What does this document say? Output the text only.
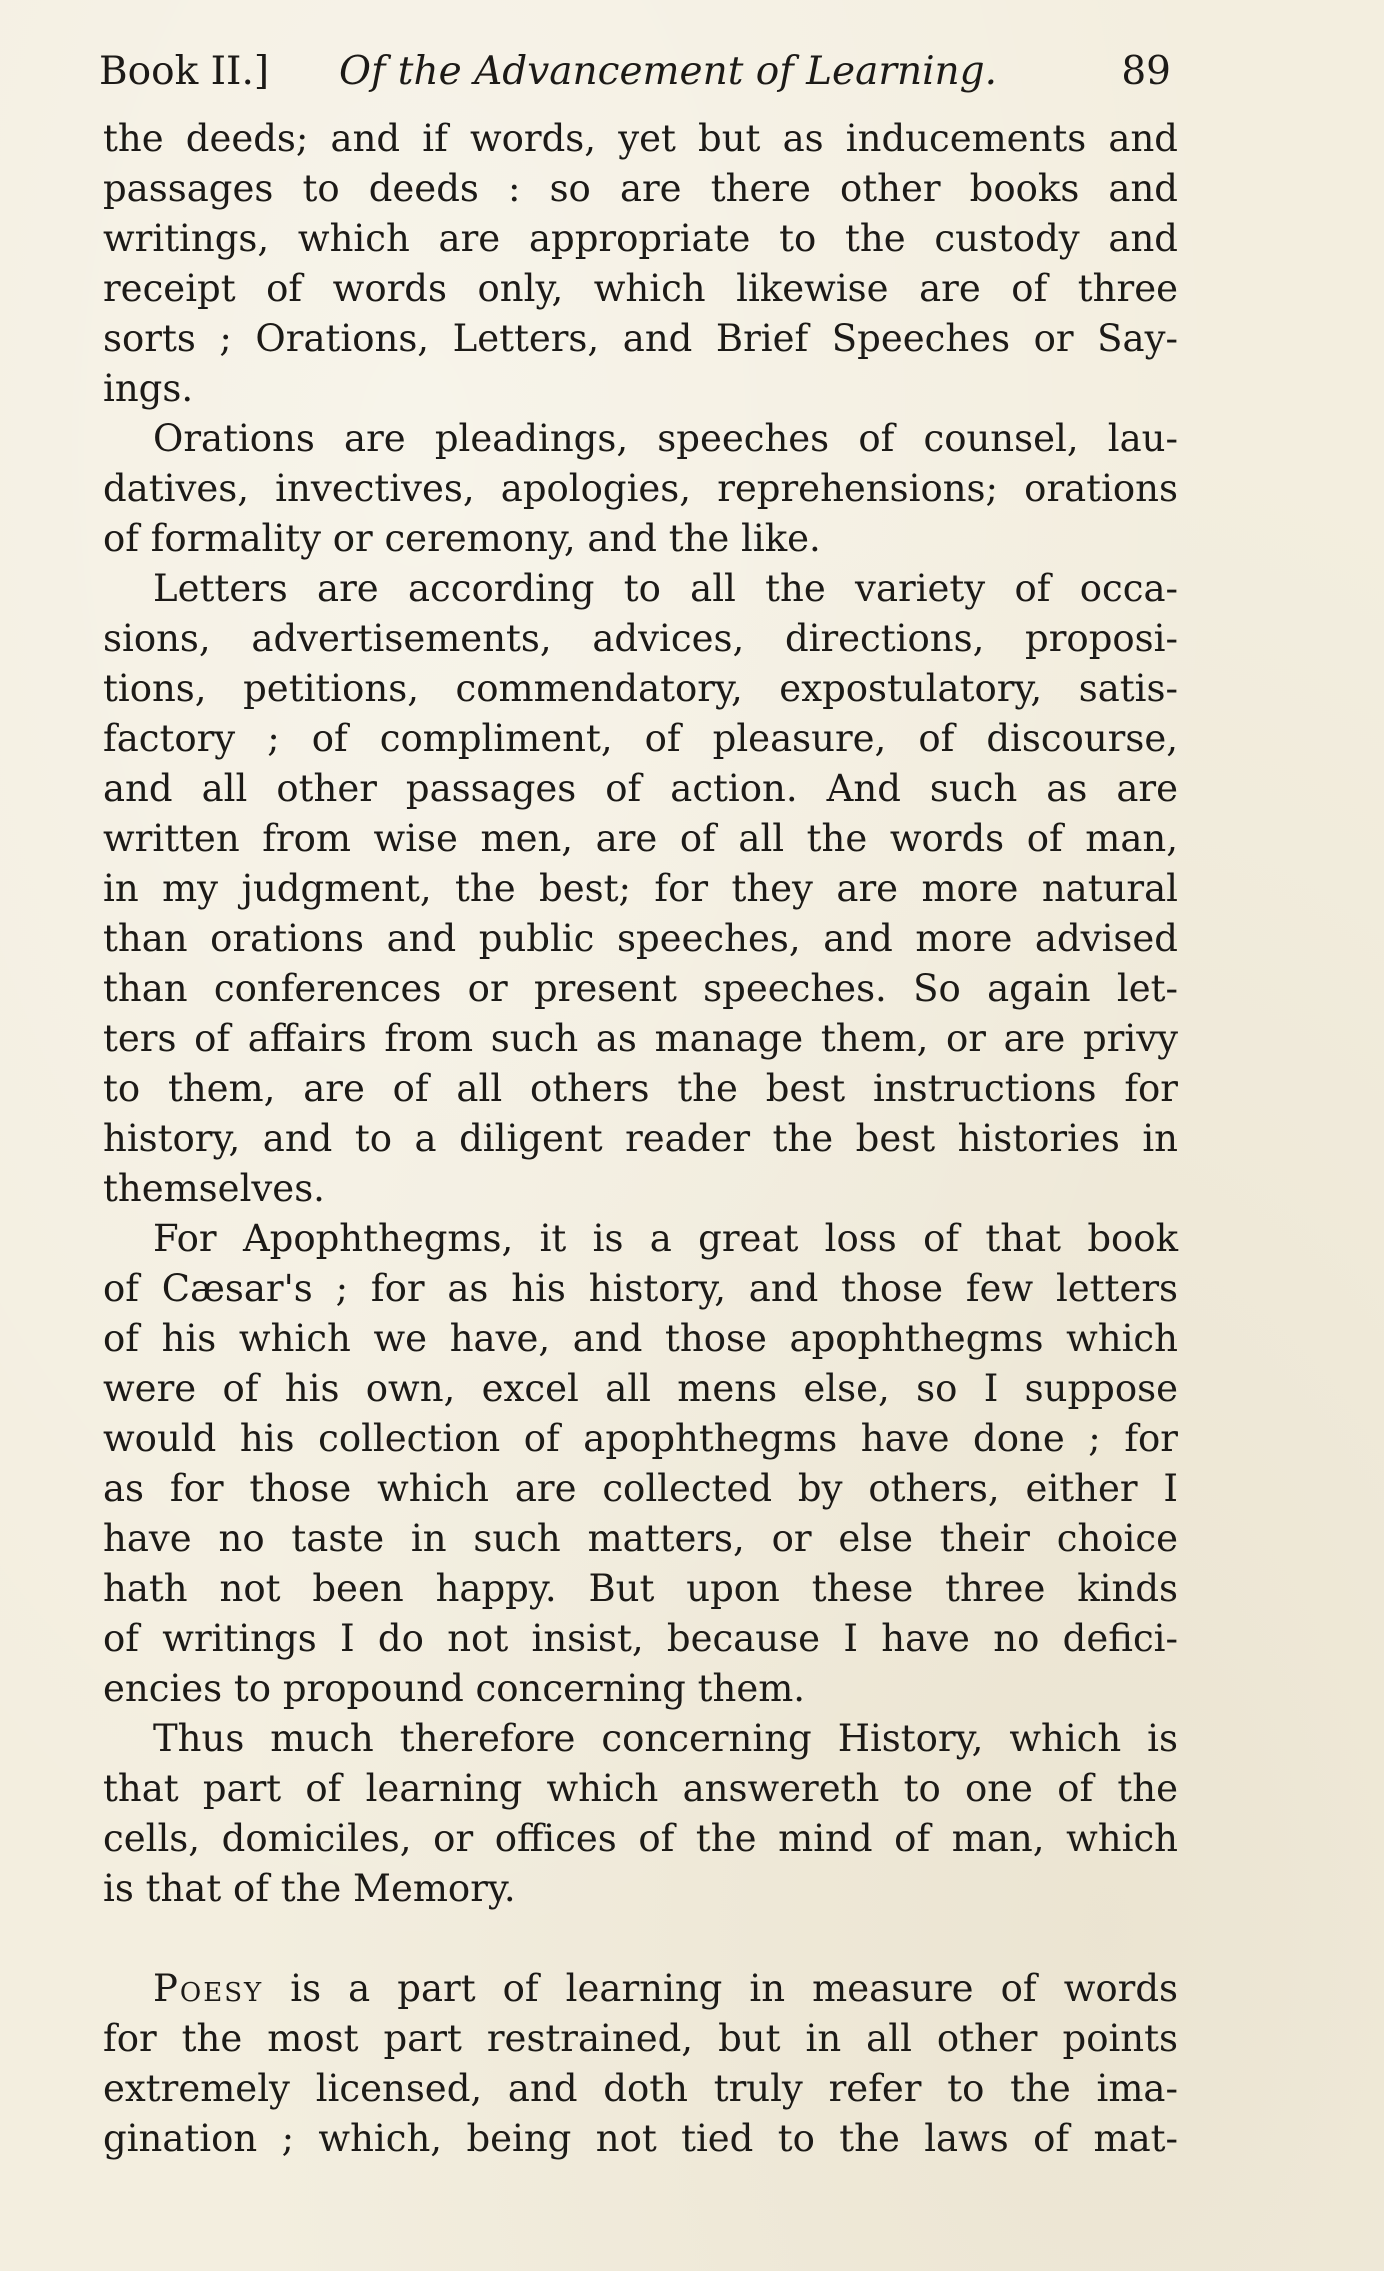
Book II.] Of the Advancement of Learning.	89
the deeds; and if words, yet but as inducements and
passages to deeds : so are there other books and
writings, which are appropriate to the custody and
receipt of words only, which likewise are of three
sorts ; Orations, Letters, and Brief Speeches or Say-
ings.
Orations are pleadings, speeches of counsel, lau-
datives, invectives, apologies, reprehensions; orations
of formality or ceremony, and the like.
Letters are according to all the variety of occa-
sions, advertisements, advices, directions, proposi-
tions, petitions, commendatory, expostulatory, satis-
factory ; of compliment, of pleasure, of discourse,
and all other passages of action. And such as are
written from wise men, are of all the words of man,
in my judgment, the best; for they are more natural
than orations and public speeches, and more advised
than conferences or present speeches. So again let-
ters of affairs from such as manage them, or are privy
to them, are of all others the best instructions for
history, and to a diligent reader the best histories in
themselves.
For Apophthegms, it is a great loss of that book
of Cæsar's ; for as his history, and those few letters
of his which we have, and those apophthegms which
were of his own, excel all mens else, so I suppose
would his collection of apophthegms have done ; for
as for those which are collected by others, either I
have no taste in such matters, or else their choice
hath not been happy. But upon these three kinds
of writings I do not insist, because I have no defici-
encies to propound concerning them.
Thus much therefore concerning History, which is
that part of learning which answereth to one of the
cells, domiciles, or offices of the mind of man, which
is that of the Memory.
Poesy is a part of learning in measure of words
for the most part restrained, but in all other points
extremely licensed, and doth truly refer to the ima-
gination ; which, being not tied to the laws of mat-
